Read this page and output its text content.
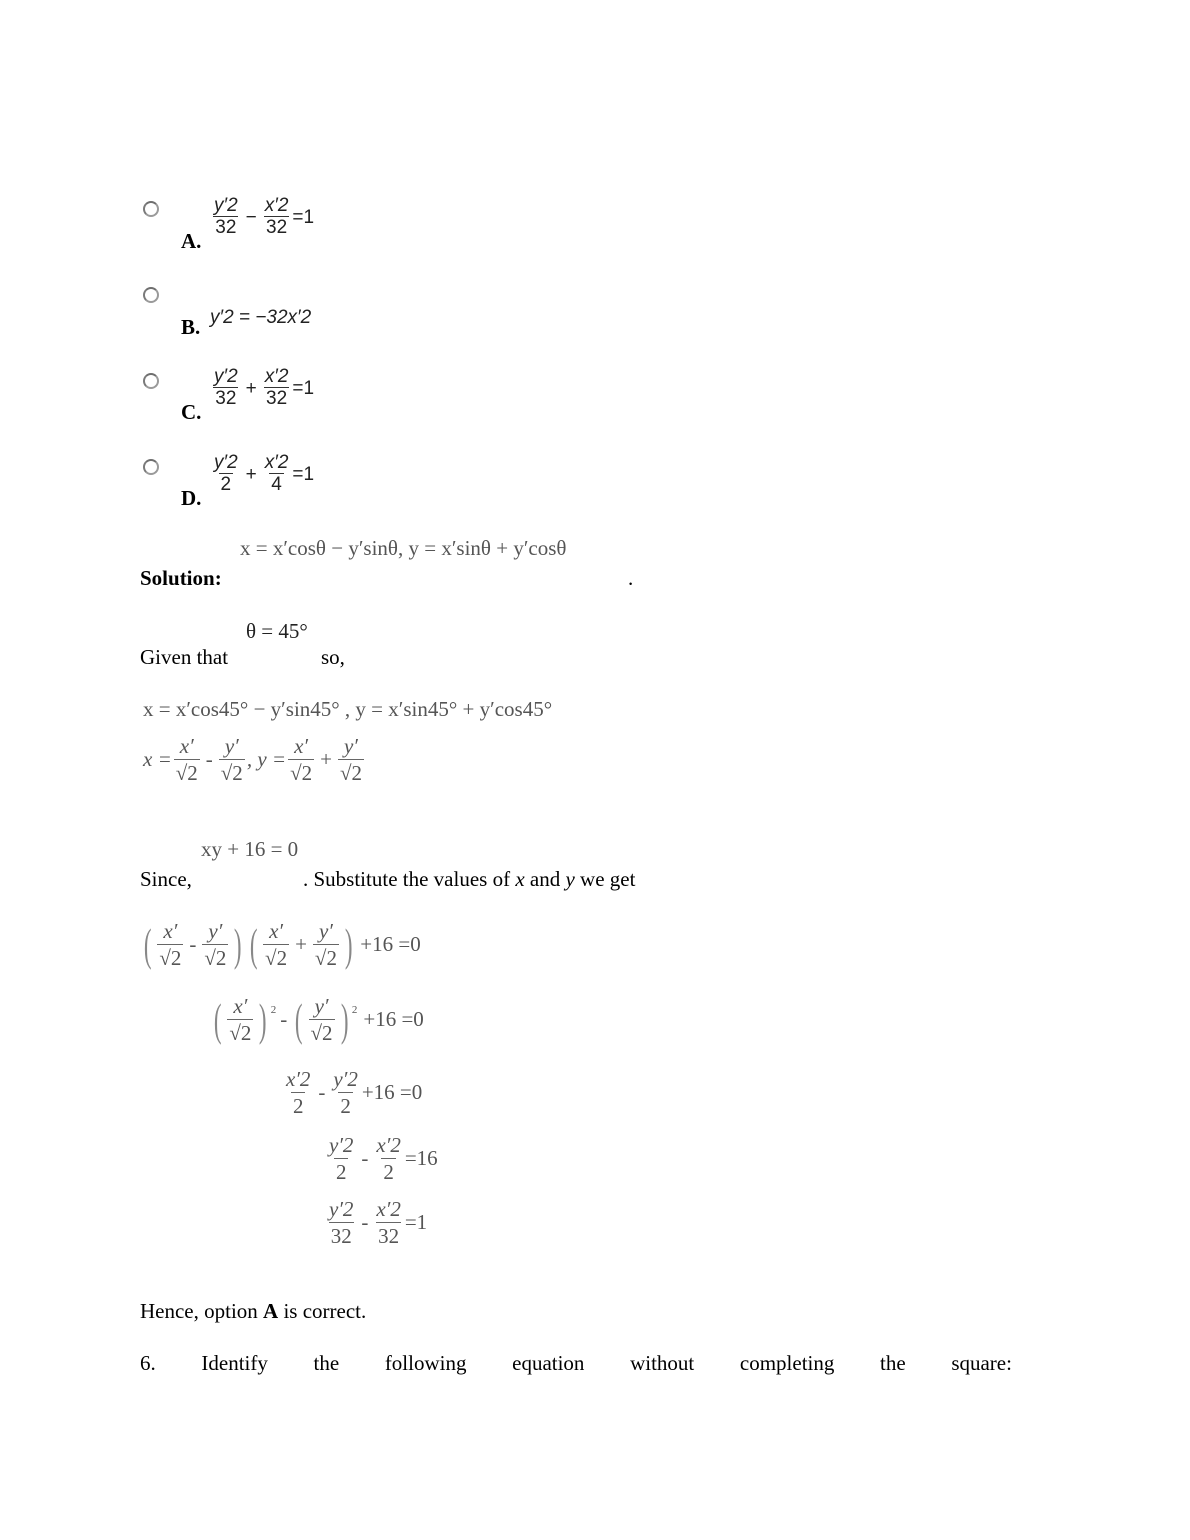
A.
$\frac{y'2}{32} - \frac{x'2}{32} =1$
B. y′2 = −32x′2
C.
$\frac{y'2}{32} + \frac{x'2}{32} =1$
D.
$\frac{y'2}{2} + \frac{x'2}{4} =1$
x = x′cosθ − y′sinθ, y = x′sinθ + y′cosθ
Solution:	.
θ = 45°
Given that	so,
x = x′cos45° − y′sin45° , y = x′sin45° + y′cos45°
$x = \frac{x'}{√2} - \frac{y'}{√2}$ , $y = \frac{x'}{√2} + \frac{y'}{√2}$
xy + 16 = 0
Since,	. Substitute the values of x and y we get
( $\frac{x'}{√2} - \frac{y'}{√2}$ ) ( $\frac{x'}{√2} + \frac{y'}{√2}$ ) +16 =0
( $\frac{x'}{√2}$ ) 2 - ( $\frac{y'}{√2}$ ) 2 +16 =0
$\frac{x'2}{2} - \frac{y'2}{2} +16 =0$
$\frac{y'2}{2} - \frac{x'2}{2} =16$
$\frac{y'2}{32} - \frac{x'2}{32} =1$
Hence, option A is correct.
6. Identify the following equation without completing the square:
